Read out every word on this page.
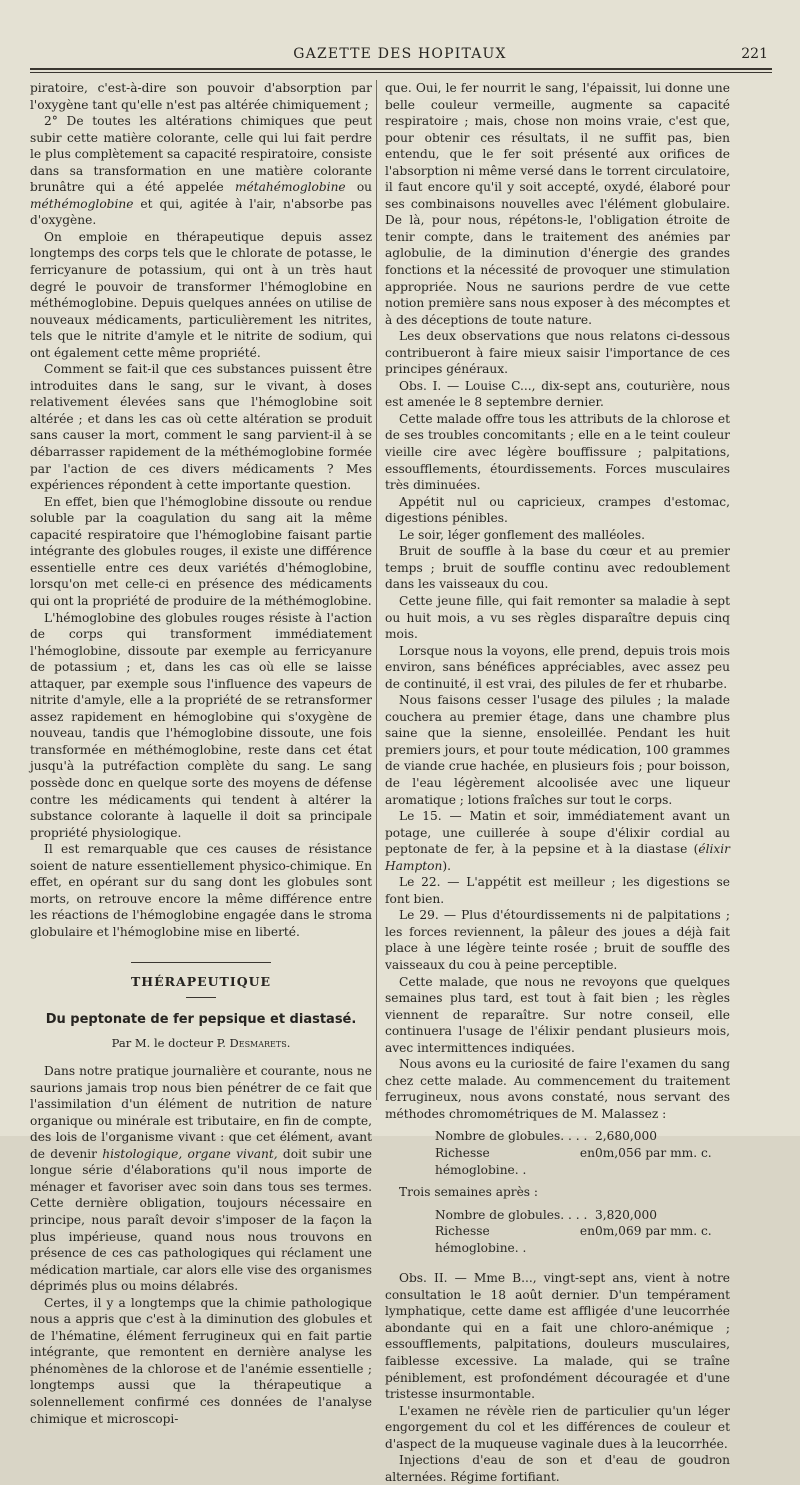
GAZETTE DES HOPITAUX	221

piratoire, c'est-à-dire son pouvoir d'absorption par l'oxygène tant qu'elle n'est pas altérée chimiquement ;

2° De toutes les altérations chimiques que peut subir cette matière colorante, celle qui lui fait perdre le plus complètement sa capacité respiratoire, consiste dans sa transformation en une matière colorante brunâtre qui a été appelée métahémoglobine ou méthémoglobine et qui, agitée à l'air, n'absorbe pas d'oxygène.

On emploie en thérapeutique depuis assez longtemps des corps tels que le chlorate de potasse, le ferricyanure de potassium, qui ont à un très haut degré le pouvoir de transformer l'hémoglobine en méthémoglobine. Depuis quelques années on utilise de nouveaux médicaments, particulièrement les nitrites, tels que le nitrite d'amyle et le nitrite de sodium, qui ont également cette même propriété.

Comment se fait-il que ces substances puissent être introduites dans le sang, sur le vivant, à doses relativement élevées sans que l'hémoglobine soit altérée ; et dans les cas où cette altération se produit sans causer la mort, comment le sang parvient-il à se débarrasser rapidement de la méthémoglobine formée par l'action de ces divers médicaments ? Mes expériences répondent à cette importante question.

En effet, bien que l'hémoglobine dissoute ou rendue soluble par la coagulation du sang ait la même capacité respiratoire que l'hémoglobine faisant partie intégrante des globules rouges, il existe une différence essentielle entre ces deux variétés d'hémoglobine, lorsqu'on met celle-ci en présence des médicaments qui ont la propriété de produire de la méthémoglobine.

L'hémoglobine des globules rouges résiste à l'action de corps qui transforment immédiatement l'hémoglobine, dissoute par exemple au ferricyanure de potassium ; et, dans les cas où elle se laisse attaquer, par exemple sous l'influence des vapeurs de nitrite d'amyle, elle a la propriété de se retransformer assez rapidement en hémoglobine qui s'oxygène de nouveau, tandis que l'hémoglobine dissoute, une fois transformée en méthémoglobine, reste dans cet état jusqu'à la putréfaction complète du sang. Le sang possède donc en quelque sorte des moyens de défense contre les médicaments qui tendent à altérer la substance colorante à laquelle il doit sa principale propriété physiologique.

Il est remarquable que ces causes de résistance soient de nature essentiellement physico-chimique. En effet, en opérant sur du sang dont les globules sont morts, on retrouve encore la même différence entre les réactions de l'hémoglobine engagée dans le stroma globulaire et l'hémoglobine mise en liberté.

THÉRAPEUTIQUE
Du peptonate de fer pepsique et diastasé.
Par M. le docteur P. Desmarets.

Dans notre pratique journalière et courante, nous ne saurions jamais trop nous bien pénétrer de ce fait que l'assimilation d'un élément de nutrition de nature organique ou minérale est tributaire, en fin de compte, des lois de l'organisme vivant : que cet élément, avant de devenir histologique, organe vivant, doit subir une longue série d'élaborations qu'il nous importe de ménager et favoriser avec soin dans tous ses termes. Cette dernière obligation, toujours nécessaire en principe, nous paraît devoir s'imposer de la façon la plus impérieuse, quand nous nous trouvons en présence de ces cas pathologiques qui réclament une médication martiale, car alors elle vise des organismes déprimés plus ou moins délabrés.

Certes, il y a longtemps que la chimie pathologique nous a appris que c'est à la diminution des globules et de l'hématine, élément ferrugineux qui en fait partie intégrante, que remontent en dernière analyse les phénomènes de la chlorose et de l'anémie essentielle ; longtemps aussi que la thérapeutique a solennellement confirmé ces données de l'analyse chimique et microscopi-

que. Oui, le fer nourrit le sang, l'épaissit, lui donne une belle couleur vermeille, augmente sa capacité respiratoire ; mais, chose non moins vraie, c'est que, pour obtenir ces résultats, il ne suffit pas, bien entendu, que le fer soit présenté aux orifices de l'absorption ni même versé dans le torrent circulatoire, il faut encore qu'il y soit accepté, oxydé, élaboré pour ses combinaisons nouvelles avec l'élément globulaire. De là, pour nous, répétons-le, l'obligation étroite de tenir compte, dans le traitement des anémies par aglobulie, de la diminution d'énergie des grandes fonctions et la nécessité de provoquer une stimulation appropriée. Nous ne saurions perdre de vue cette notion première sans nous exposer à des mécomptes et à des déceptions de toute nature.

Les deux observations que nous relatons ci-dessous contribueront à faire mieux saisir l'importance de ces principes généraux.

Obs. I. — Louise C..., dix-sept ans, couturière, nous est amenée le 8 septembre dernier.

Cette malade offre tous les attributs de la chlorose et de ses troubles concomitants ; elle en a le teint couleur vieille cire avec légère bouffissure ; palpitations, essoufflements, étourdissements. Forces musculaires très diminuées.

Appétit nul ou capricieux, crampes d'estomac, digestions pénibles.

Le soir, léger gonflement des malléoles.

Bruit de souffle à la base du cœur et au premier temps ; bruit de souffle continu avec redoublement dans les vaisseaux du cou.

Cette jeune fille, qui fait remonter sa maladie à sept ou huit mois, a vu ses règles disparaître depuis cinq mois.

Lorsque nous la voyons, elle prend, depuis trois mois environ, sans bénéfices appréciables, avec assez peu de continuité, il est vrai, des pilules de fer et rhubarbe.

Nous faisons cesser l'usage des pilules ; la malade couchera au premier étage, dans une chambre plus saine que la sienne, ensoleillée. Pendant les huit premiers jours, et pour toute médication, 100 grammes de viande crue hachée, en plusieurs fois ; pour boisson, de l'eau légèrement alcoolisée avec une liqueur aromatique ; lotions fraîches sur tout le corps.

Le 15. — Matin et soir, immédiatement avant un potage, une cuillerée à soupe d'élixir cordial au peptonate de fer, à la pepsine et à la diastase (élixir Hampton).

Le 22. — L'appétit est meilleur ; les digestions se font bien.

Le 29. — Plus d'étourdissements ni de palpitations ; les forces reviennent, la pâleur des joues a déjà fait place à une légère teinte rosée ; bruit de souffle des vaisseaux du cou à peine perceptible.

Cette malade, que nous ne revoyons que quelques semaines plus tard, est tout à fait bien ; les règles viennent de reparaître. Sur notre conseil, elle continuera l'usage de l'élixir pendant plusieurs mois, avec intermittences indiquées.

Nous avons eu la curiosité de faire l'examen du sang chez cette malade. Au commencement du traitement ferrugineux, nous avons constaté, nous servant des méthodes chromométriques de M. Malassez :

Nombre de globules. . . . 2,680,000
Richesse en hémoglobine. .
0m,056 par mm. c.

Trois semaines après :

Nombre de globules. . . . 3,820,000
Richesse en hémoglobine. .
0m,069 par mm. c.

Obs. II. — Mme B..., vingt-sept ans, vient à notre consultation le 18 août dernier. D'un tempérament lymphatique, cette dame est affligée d'une leucorrhée abondante qui en a fait une chloro-anémique ; essoufflements, palpitations, douleurs musculaires, faiblesse excessive. La malade, qui se traîne péniblement, est profondément découragée et d'une tristesse insurmontable.

L'examen ne révèle rien de particulier qu'un léger engorgement du col et les différences de couleur et d'aspect de la muqueuse vaginale dues à la leucorrhée.

Injections d'eau de son et d'eau de goudron alternées. Régime fortifiant.
